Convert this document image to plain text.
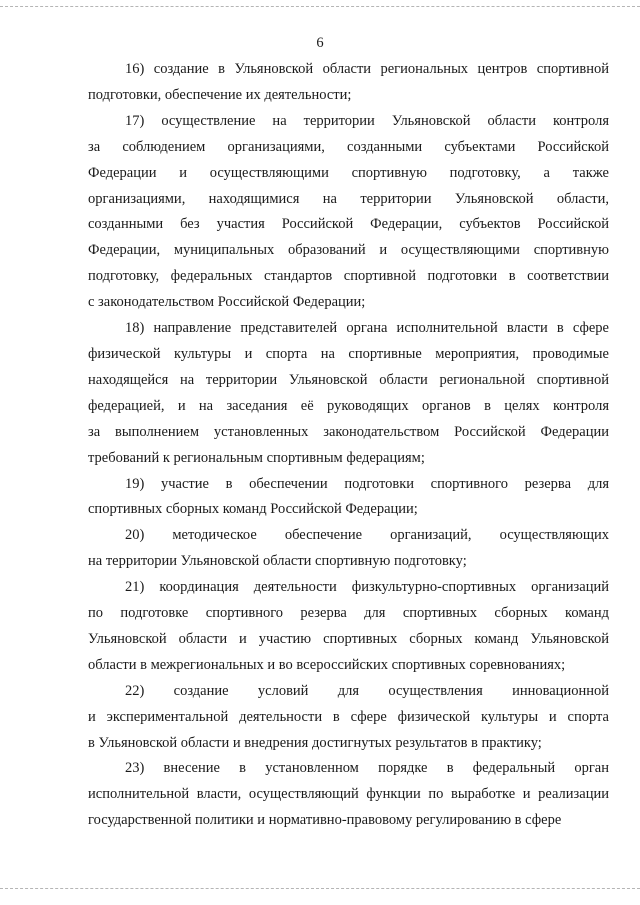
6

16) создание в Ульяновской области региональных центров спортивной
подготовки, обеспечение их деятельности;

17) осуществление на территории Ульяновской области контроля
за соблюдением организациями, созданными субъектами Российской
Федерации и осуществляющими спортивную подготовку, а также
организациями, находящимися на территории Ульяновской области,
созданными без участия Российской Федерации, субъектов Российской
Федерации, муниципальных образований и осуществляющими спортивную
подготовку, федеральных стандартов спортивной подготовки в соответствии
с законодательством Российской Федерации;

18) направление представителей органа исполнительной власти в сфере
физической культуры и спорта на спортивные мероприятия, проводимые
находящейся на территории Ульяновской области региональной спортивной
федерацией, и на заседания её руководящих органов в целях контроля
за выполнением установленных законодательством Российской Федерации
требований к региональным спортивным федерациям;

19) участие в обеспечении подготовки спортивного резерва для
спортивных сборных команд Российской Федерации;

20) методическое обеспечение организаций, осуществляющих
на территории Ульяновской области спортивную подготовку;

21) координация деятельности физкультурно-спортивных организаций
по подготовке спортивного резерва для спортивных сборных команд
Ульяновской области и участию спортивных сборных команд Ульяновской
области в межрегиональных и во всероссийских спортивных соревнованиях;

22) создание условий для осуществления инновационной
и экспериментальной деятельности в сфере физической культуры и спорта
в Ульяновской области и внедрения достигнутых результатов в практику;

23) внесение в установленном порядке в федеральный орган
исполнительной власти, осуществляющий функции по выработке и реализации
государственной политики и нормативно-правовому регулированию в сфере
